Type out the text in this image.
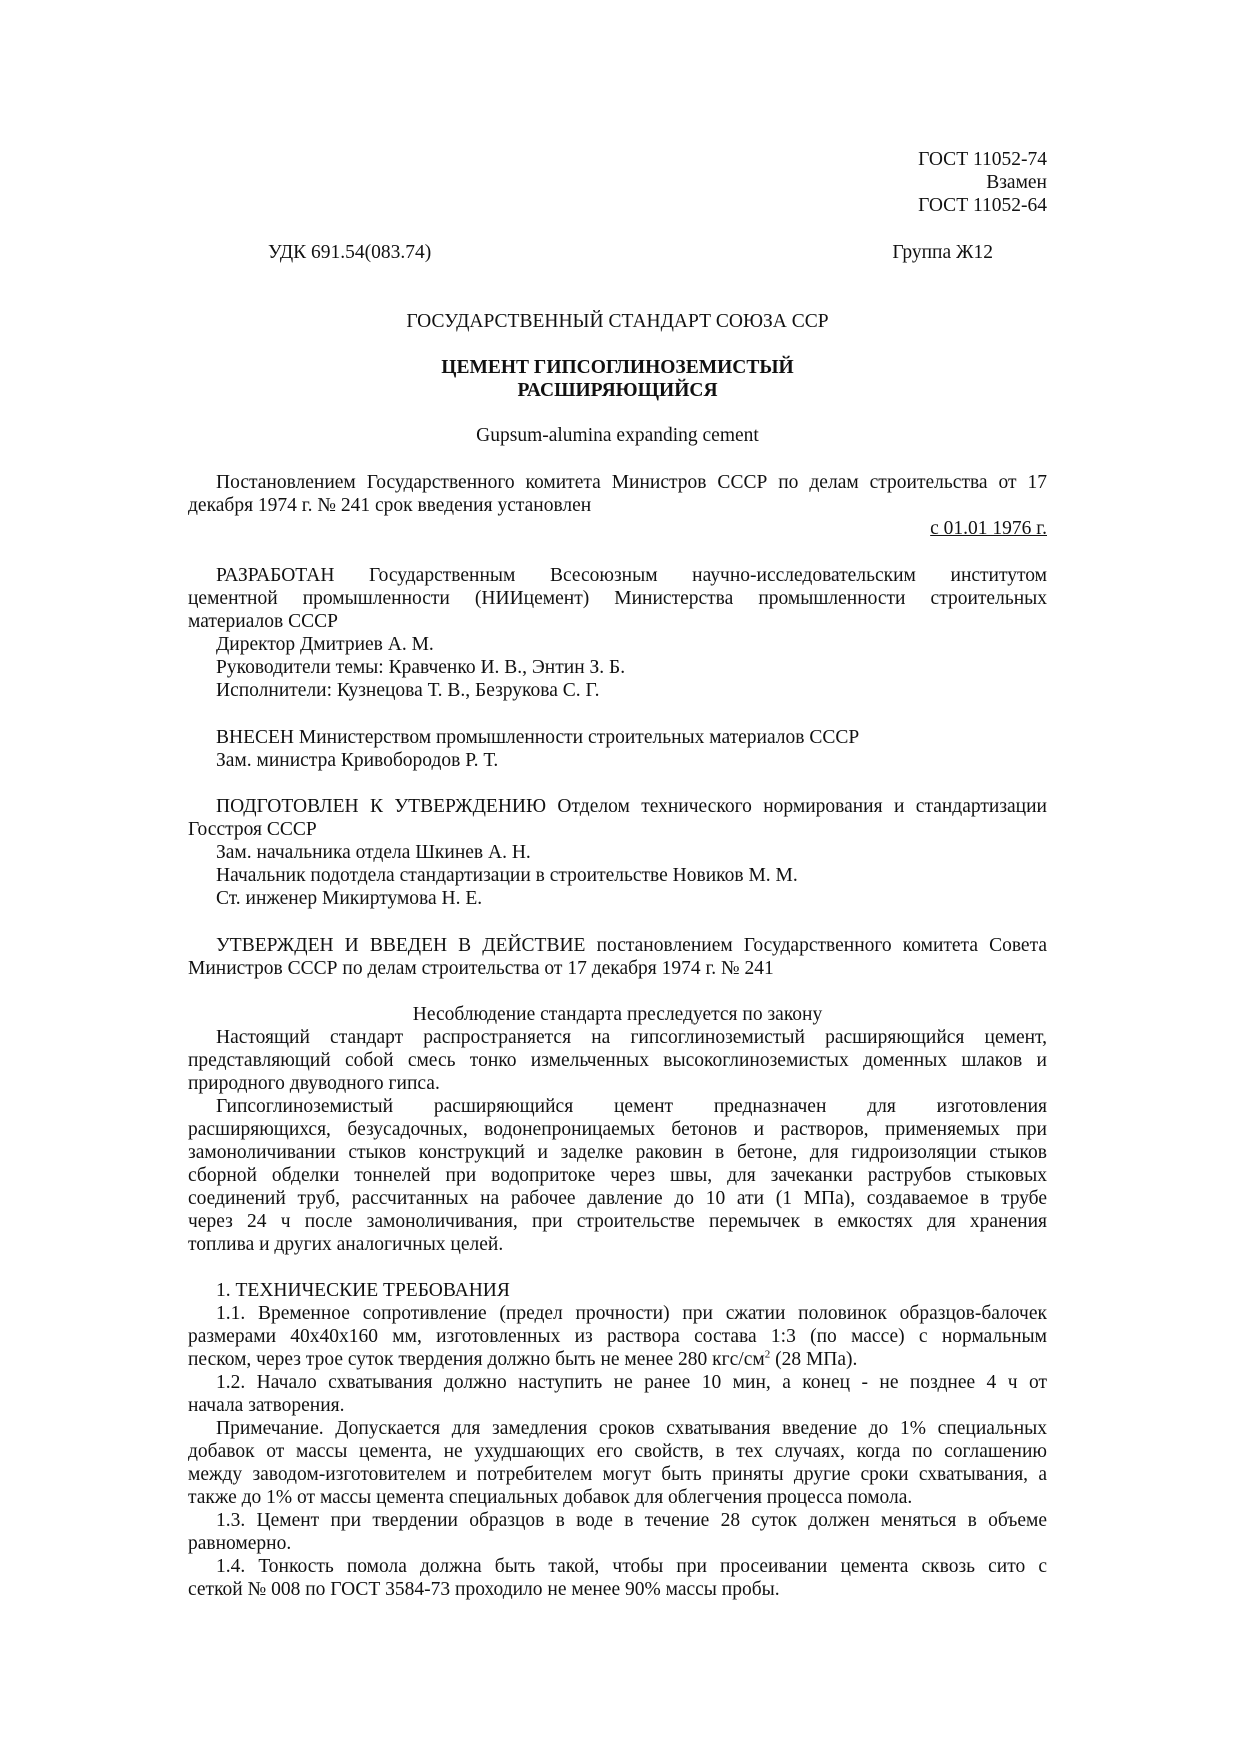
ГОСТ 11052-74
Взамен
ГОСТ 11052-64
УДК 691.54(083.74)	Группа Ж12
ГОСУДАРСТВЕННЫЙ СТАНДАРТ СОЮЗА ССР
ЦЕМЕНТ ГИПСОГЛИНОЗЕМИСТЫЙ
РАСШИРЯЮЩИЙСЯ
Gupsum-alumina expanding cement
Постановлением Государственного комитета Министров СССР по делам строительства от 17
декабря 1974 г. № 241 срок введения установлен
с 01.01 1976 г.
РАЗРАБОТАН Государственным Всесоюзным научно-исследовательским институтом
цементной промышленности (НИИцемент) Министерства промышленности строительных
материалов СССР
Директор Дмитриев А. М.
Руководители темы: Кравченко И. В., Энтин З. Б.
Исполнители: Кузнецова Т. В., Безрукова С. Г.
ВНЕСЕН Министерством промышленности строительных материалов СССР
Зам. министра Кривобородов Р. Т.
ПОДГОТОВЛЕН К УТВЕРЖДЕНИЮ Отделом технического нормирования и стандартизации
Госстроя СССР
Зам. начальника отдела Шкинев А. Н.
Начальник подотдела стандартизации в строительстве Новиков М. М.
Ст. инженер Микиртумова Н. Е.
УТВЕРЖДЕН И ВВЕДЕН В ДЕЙСТВИЕ постановлением Государственного комитета Совета
Министров СССР по делам строительства от 17 декабря 1974 г. № 241
Несоблюдение стандарта преследуется по закону
Настоящий стандарт распространяется на гипсоглиноземистый расширяющийся цемент,
представляющий собой смесь тонко измельченных высокоглиноземистых доменных шлаков и
природного двуводного гипса.
Гипсоглиноземистый расширяющийся цемент предназначен для изготовления
расширяющихся, безусадочных, водонепроницаемых бетонов и растворов, применяемых при
замоноличивании стыков конструкций и заделке раковин в бетоне, для гидроизоляции стыков
сборной обделки тоннелей при водопритоке через швы, для зачеканки раструбов стыковых
соединений труб, рассчитанных на рабочее давление до 10 ати (1 МПа), создаваемое в трубе
через 24 ч после замоноличивания, при строительстве перемычек в емкостях для хранения
топлива и других аналогичных целей.
1. ТЕХНИЧЕСКИЕ ТРЕБОВАНИЯ
1.1. Временное сопротивление (предел прочности) при сжатии половинок образцов-балочек
размерами 40х40х160 мм, изготовленных из раствора состава 1:3 (по массе) с нормальным
песком, через трое суток твердения должно быть не менее 280 кгс/$см^2$ (28 МПа).
1.2. Начало схватывания должно наступить не ранее 10 мин, а конец - не позднее 4 ч от
начала затворения.
Примечание. Допускается для замедления сроков схватывания введение до 1% специальных
добавок от массы цемента, не ухудшающих его свойств, в тех случаях, когда по соглашению
между заводом-изготовителем и потребителем могут быть приняты другие сроки схватывания, а
также до 1% от массы цемента специальных добавок для облегчения процесса помола.
1.3. Цемент при твердении образцов в воде в течение 28 суток должен меняться в объеме
равномерно.
1.4. Тонкость помола должна быть такой, чтобы при просеивании цемента сквозь сито с
сеткой № 008 по ГОСТ 3584-73 проходило не менее 90% массы пробы.
